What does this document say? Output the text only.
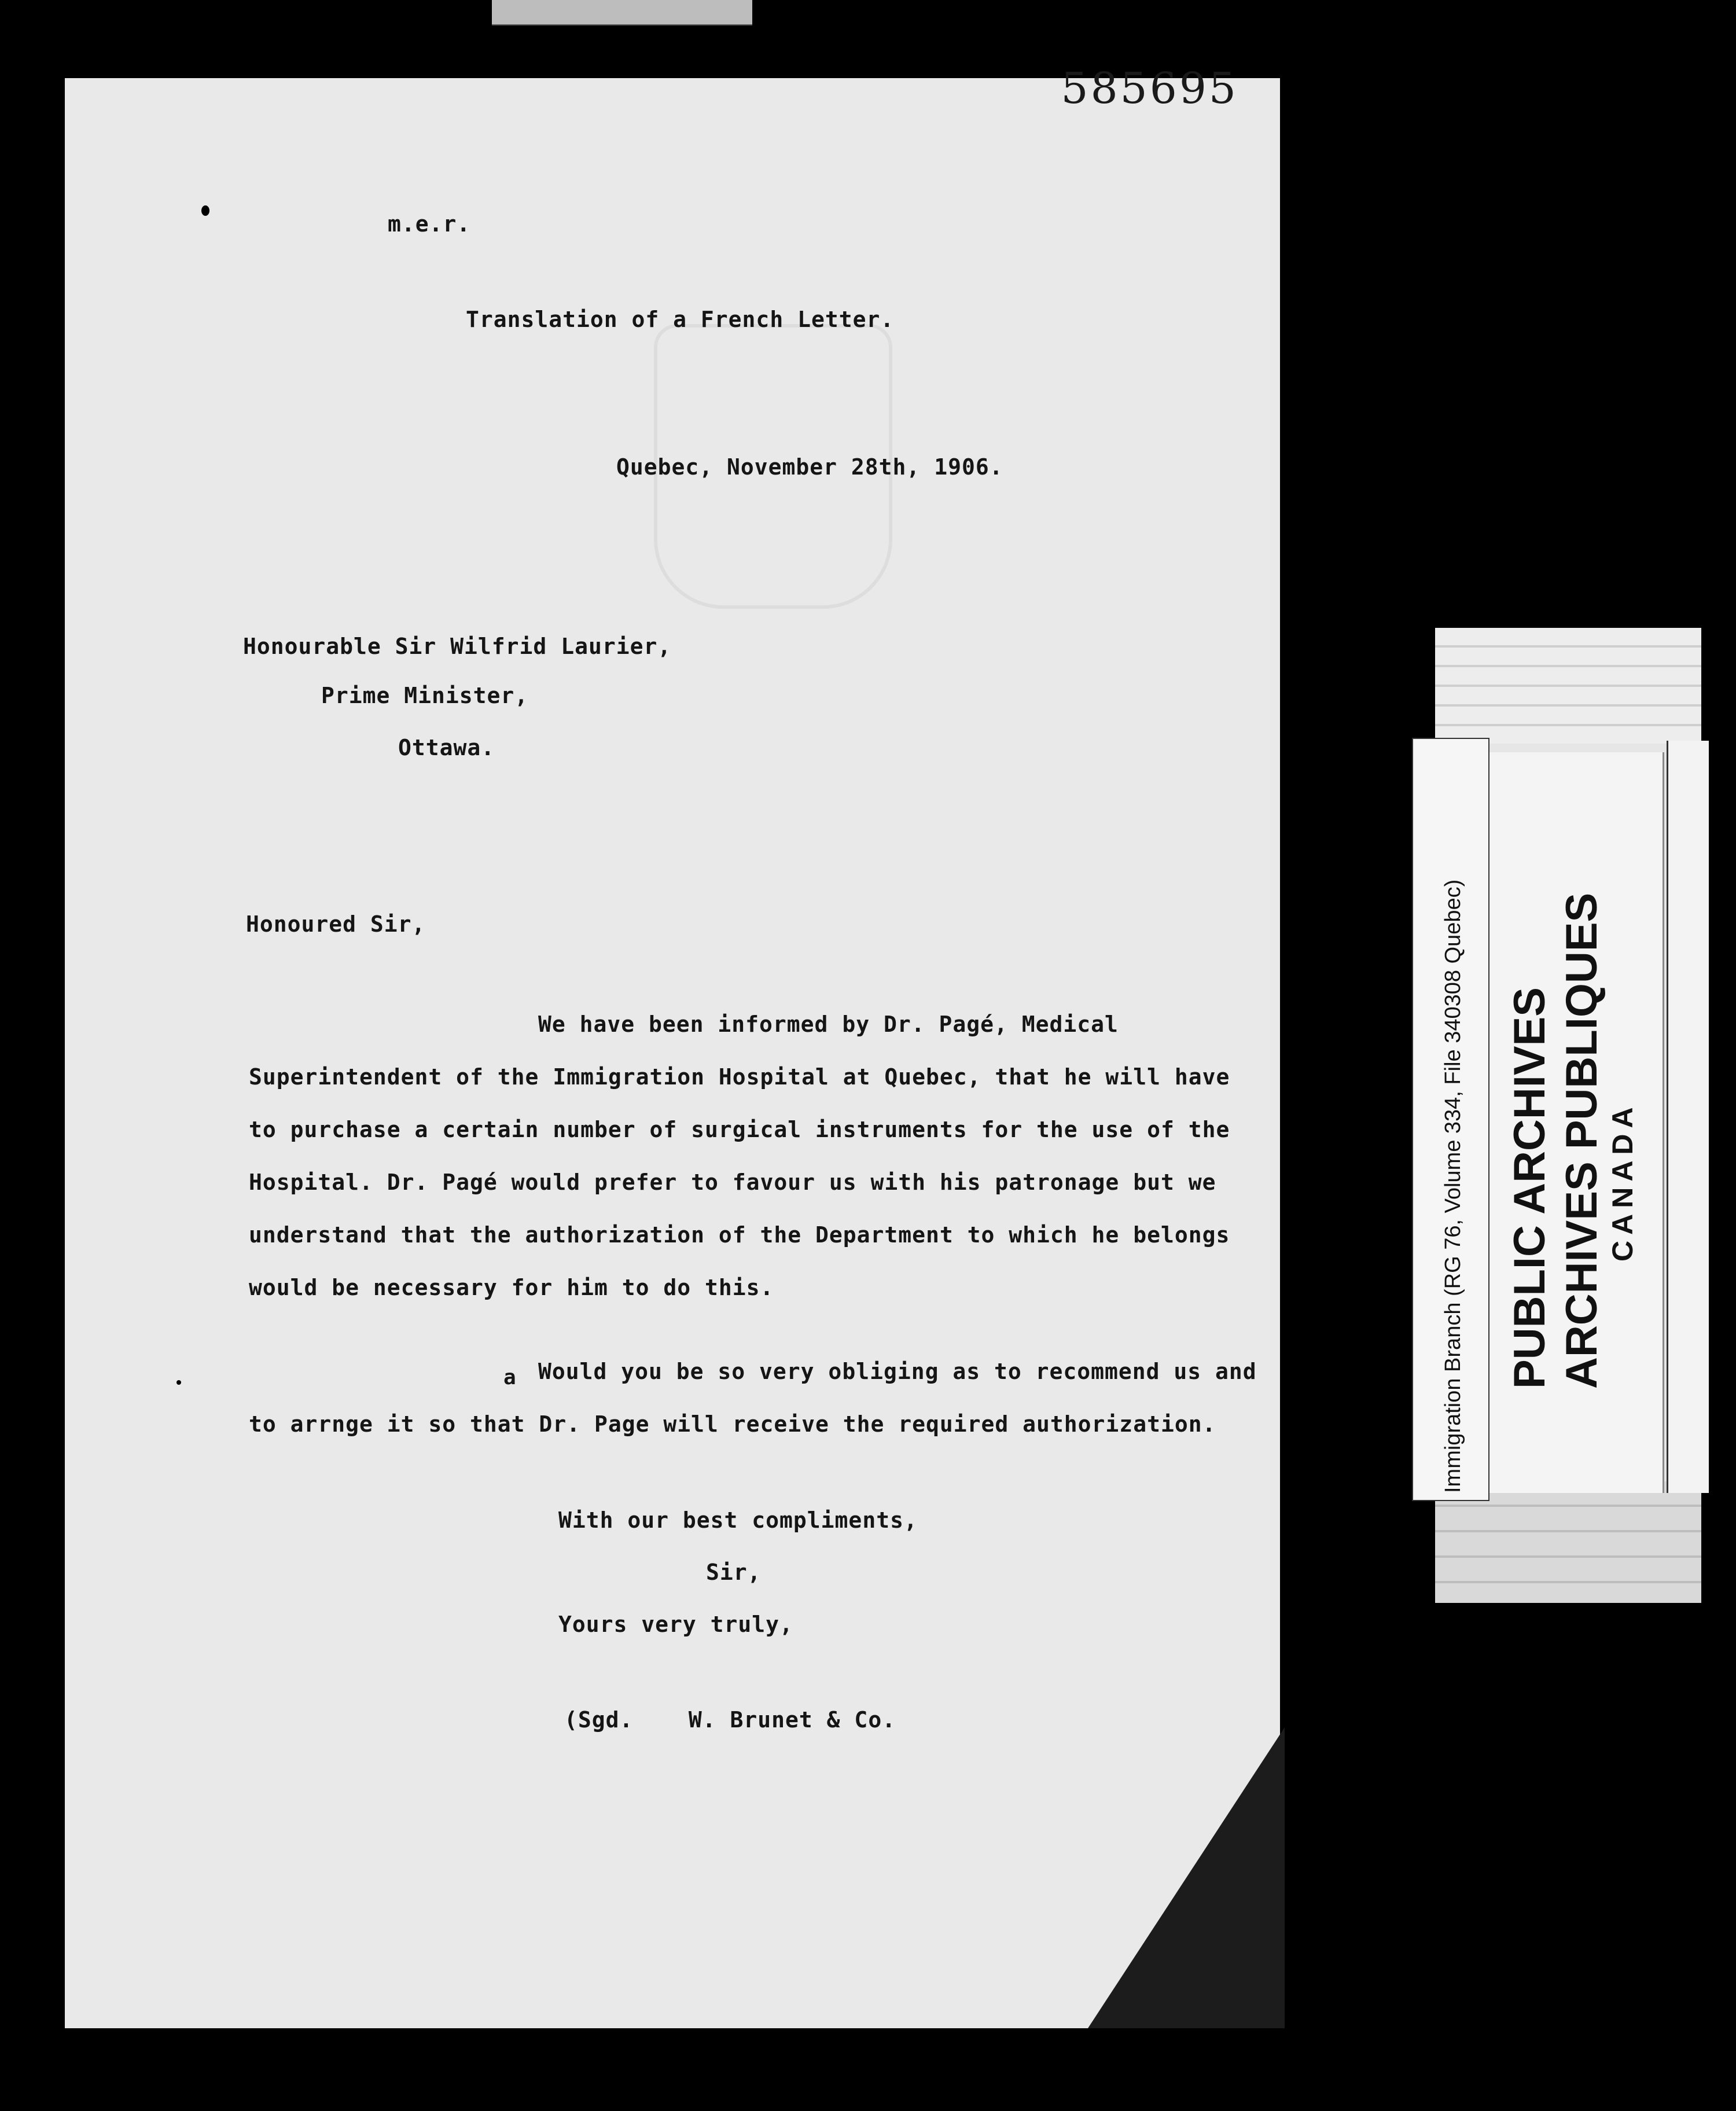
585695
m.e.r.
Translation of a French Letter.
Quebec, November 28th, 1906.
Honourable Sir Wilfrid Laurier,
Prime Minister,
Ottawa.
Honoured Sir,
We have been informed by Dr. Pagé, Medical Superintendent of the Immigration Hospital at Quebec, that he will have to purchase a certain number of surgical instruments for the use of the Hospital. Dr. Pagé would prefer to favour us with his patronage but we understand that the authorization of the Department to which he belongs would be necessary for him to do this.
a Would you be so very obliging as to recommend us and to arrnge it so that Dr. Page will receive the required authorization.
With our best compliments,
Sir,
Yours very truly,
(Sgd.    W. Brunet & Co.
Immigration Branch (RG 76, Volume 334, File 340308 Quebec) PUBLIC ARCHIVES ARCHIVES PUBLIQUES CANADA
